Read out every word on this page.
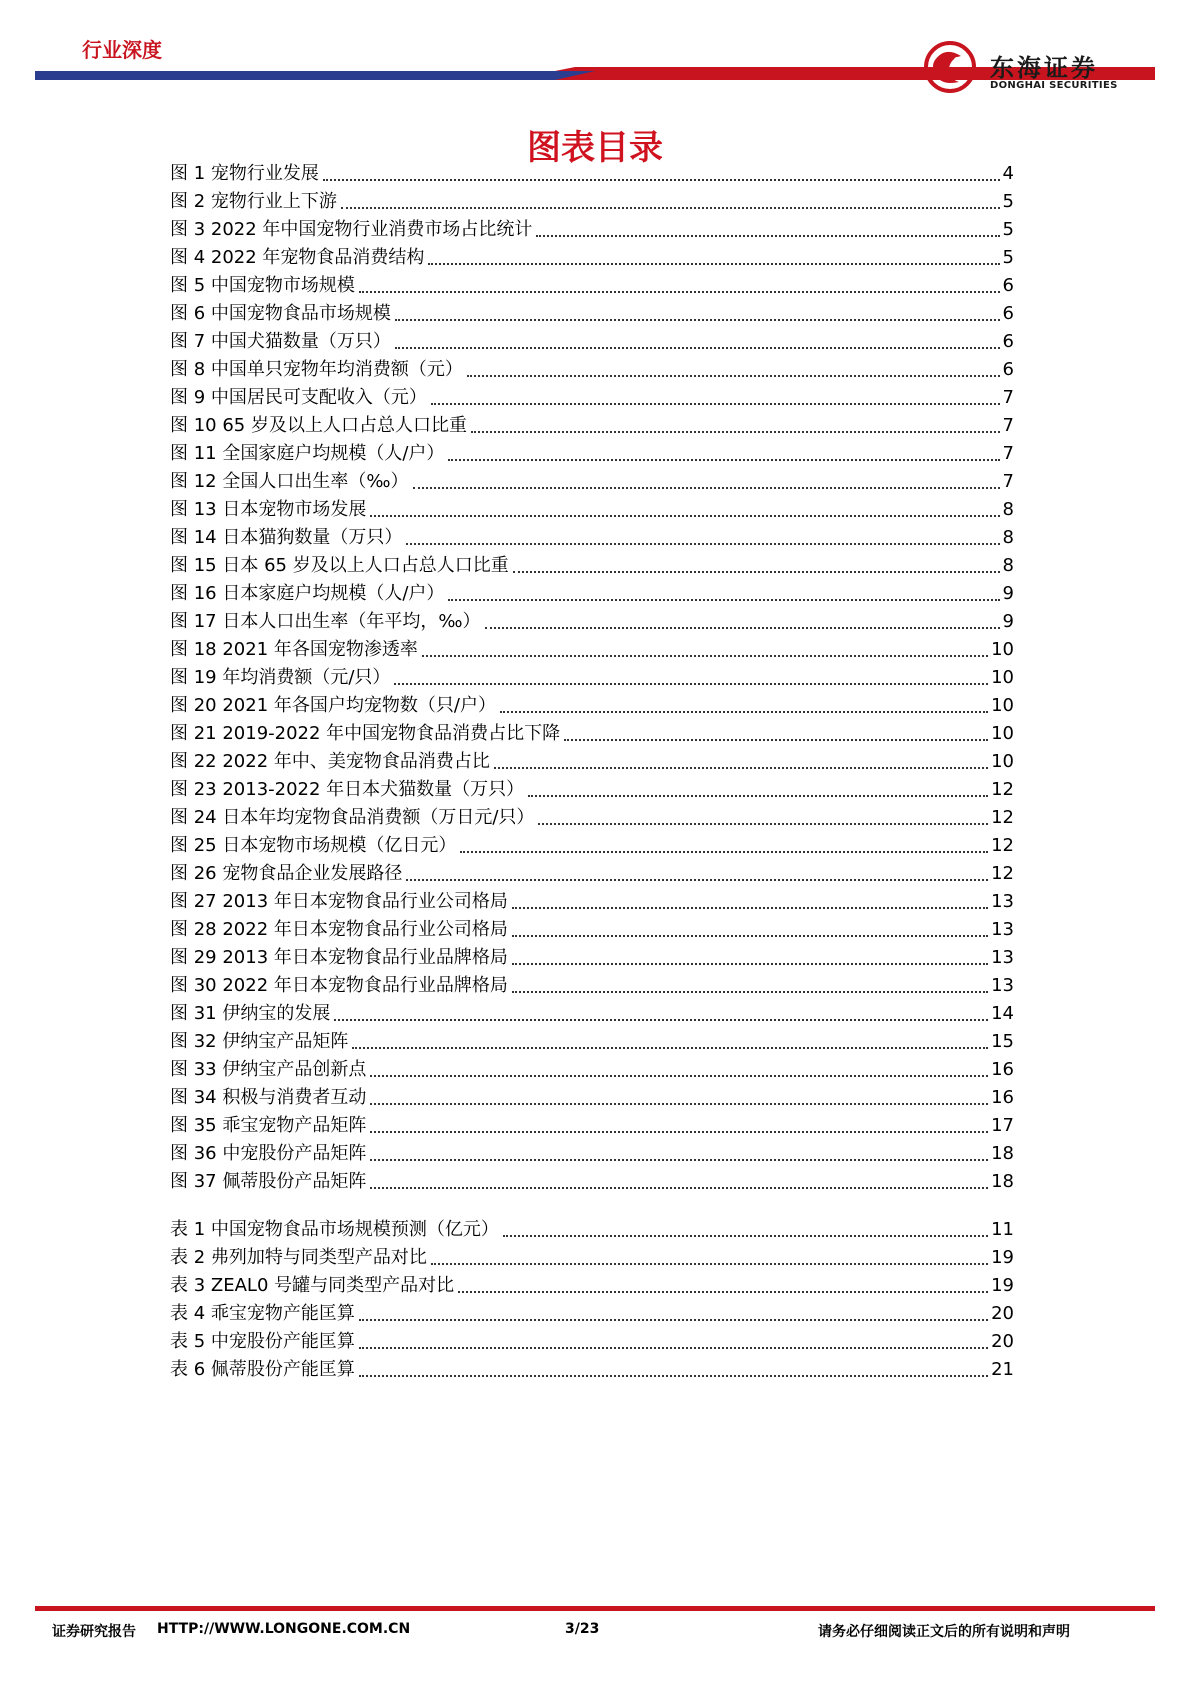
行业深度
东海证券
DONGHAI SECURITIES
图表目录
图 1 宠物行业发展	4
图 2 宠物行业上下游	5
图 3 2022 年中国宠物行业消费市场占比统计	5
图 4 2022 年宠物食品消费结构	5
图 5 中国宠物市场规模	6
图 6 中国宠物食品市场规模	6
图 7 中国犬猫数量（万只）	6
图 8 中国单只宠物年均消费额（元）	6
图 9 中国居民可支配收入（元）	7
图 10 65 岁及以上人口占总人口比重	7
图 11 全国家庭户均规模（人/户）	7
图 12 全国人口出生率（‰）	7
图 13 日本宠物市场发展	8
图 14 日本猫狗数量（万只）	8
图 15 日本 65 岁及以上人口占总人口比重	8
图 16 日本家庭户均规模（人/户）	9
图 17 日本人口出生率（年平均，‰）	9
图 18 2021 年各国宠物渗透率	10
图 19 年均消费额（元/只）	10
图 20 2021 年各国户均宠物数（只/户）	10
图 21 2019-2022 年中国宠物食品消费占比下降	10
图 22 2022 年中、美宠物食品消费占比	10
图 23 2013-2022 年日本犬猫数量（万只）	12
图 24 日本年均宠物食品消费额（万日元/只）	12
图 25 日本宠物市场规模（亿日元）	12
图 26 宠物食品企业发展路径	12
图 27 2013 年日本宠物食品行业公司格局	13
图 28 2022 年日本宠物食品行业公司格局	13
图 29 2013 年日本宠物食品行业品牌格局	13
图 30 2022 年日本宠物食品行业品牌格局	13
图 31 伊纳宝的发展	14
图 32 伊纳宝产品矩阵	15
图 33 伊纳宝产品创新点	16
图 34 积极与消费者互动	16
图 35 乖宝宠物产品矩阵	17
图 36 中宠股份产品矩阵	18
图 37 佩蒂股份产品矩阵	18
表 1 中国宠物食品市场规模预测（亿元）	11
表 2 弗列加特与同类型产品对比	19
表 3 ZEAL0 号罐与同类型产品对比	19
表 4 乖宝宠物产能匡算	20
表 5 中宠股份产能匡算	20
表 6 佩蒂股份产能匡算	21
证券研究报告 HTTP://WWW.LONGONE.COM.CN	3/23	请务必仔细阅读正文后的所有说明和声明
